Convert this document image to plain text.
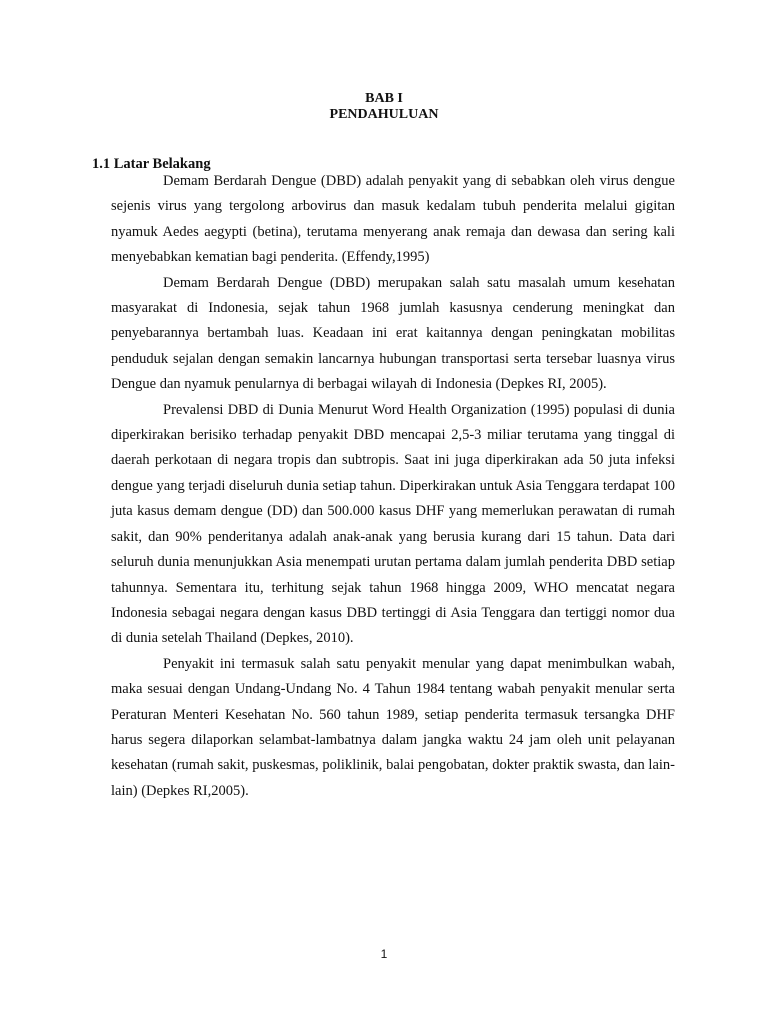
BAB I

PENDAHULUAN

1.1 Latar Belakang

Demam Berdarah Dengue (DBD) adalah penyakit yang di sebabkan oleh virus dengue sejenis virus yang tergolong arbovirus dan masuk kedalam tubuh penderita melalui gigitan nyamuk Aedes aegypti (betina), terutama menyerang anak remaja dan dewasa dan sering kali menyebabkan kematian bagi penderita. (Effendy,1995)

Demam Berdarah Dengue (DBD) merupakan salah satu masalah umum kesehatan masyarakat di Indonesia, sejak tahun 1968 jumlah kasusnya cenderung meningkat dan penyebarannya bertambah luas. Keadaan ini erat kaitannya dengan peningkatan mobilitas penduduk sejalan dengan semakin lancarnya hubungan transportasi serta tersebar luasnya virus Dengue dan nyamuk penularnya di berbagai wilayah di Indonesia (Depkes RI, 2005).

Prevalensi DBD di Dunia Menurut Word Health Organization (1995) populasi di dunia diperkirakan berisiko terhadap penyakit DBD mencapai 2,5-3 miliar terutama yang tinggal di daerah perkotaan di negara tropis dan subtropis. Saat ini juga diperkirakan ada 50 juta infeksi dengue yang terjadi diseluruh dunia setiap tahun. Diperkirakan untuk Asia Tenggara terdapat 100 juta kasus demam dengue (DD) dan 500.000 kasus DHF yang memerlukan perawatan di rumah sakit, dan 90% penderitanya adalah anak-anak yang berusia kurang dari 15 tahun. Data dari seluruh dunia menunjukkan Asia menempati urutan pertama dalam jumlah penderita DBD setiap tahunnya. Sementara itu, terhitung sejak tahun 1968 hingga 2009, WHO mencatat negara Indonesia sebagai negara dengan kasus DBD tertinggi di Asia Tenggara dan tertiggi nomor dua di dunia setelah Thailand (Depkes, 2010).

Penyakit ini termasuk salah satu penyakit menular yang dapat menimbulkan wabah, maka sesuai dengan Undang-Undang No. 4 Tahun 1984 tentang wabah penyakit menular serta Peraturan Menteri Kesehatan No. 560 tahun 1989, setiap penderita termasuk tersangka DHF harus segera dilaporkan selambat-lambatnya dalam jangka waktu 24 jam oleh unit pelayanan kesehatan (rumah sakit, puskesmas, poliklinik, balai pengobatan, dokter praktik swasta, dan lain-lain) (Depkes RI,2005).

1
